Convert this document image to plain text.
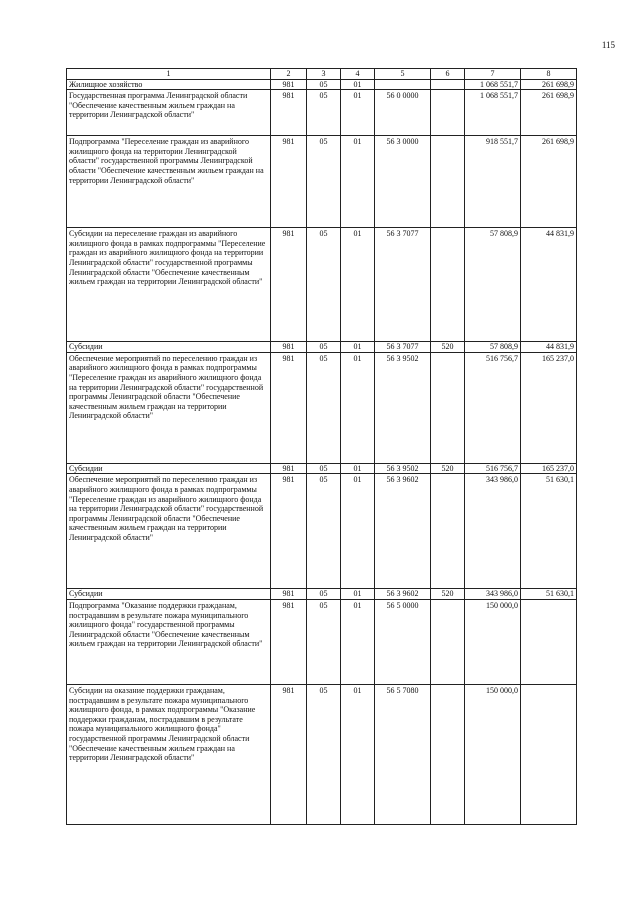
115
1	2	3	4	5	6	7	8
Жилищное хозяйство	981	05	01			1 068 551,7	261 698,9
Государственная программа Ленинградской области "Обеспечение качественным жильем граждан на территории Ленинградской области"	981	05	01	56 0 0000		1 068 551,7	261 698,9
Подпрограмма "Переселение граждан из аварийного жилищного фонда на территории Ленинградской области" государственной программы Ленинградской области "Обеспечение качественным жильем граждан на территории Ленинградской области"	981	05	01	56 3 0000		918 551,7	261 698,9
Субсидии на переселение граждан из аварийного жилищного фонда в рамках подпрограммы "Переселение граждан из аварийного жилищного фонда на территории Ленинградской области" государственной программы Ленинградской области "Обеспечение качественным жильем граждан на территории Ленинградской области"	981	05	01	56 3 7077		57 808,9	44 831,9
Субсидии	981	05	01	56 3 7077	520	57 808,9	44 831,9
Обеспечение мероприятий по переселению граждан из аварийного жилищного фонда в рамках подпрограммы "Переселение граждан из аварийного жилищного фонда на территории Ленинградской области" государственной программы Ленинградской области "Обеспечение качественным жильем граждан на территории Ленинградской области"	981	05	01	56 3 9502		516 756,7	165 237,0
Субсидии	981	05	01	56 3 9502	520	516 756,7	165 237,0
Обеспечение мероприятий по переселению граждан из аварийного жилищного фонда в рамках подпрограммы "Переселение граждан из аварийного жилищного фонда на территории Ленинградской области" государственной программы Ленинградской области "Обеспечение качественным жильем граждан на территории Ленинградской области"	981	05	01	56 3 9602		343 986,0	51 630,1
Субсидии	981	05	01	56 3 9602	520	343 986,0	51 630,1
Подпрограмма "Оказание поддержки гражданам, пострадавшим в результате пожара муниципального жилищного фонда" государственной программы Ленинградской области "Обеспечение качественным жильем граждан на территории Ленинградской области"	981	05	01	56 5 0000		150 000,0	
Субсидии на оказание поддержки гражданам, пострадавшим в результате пожара муниципального жилищного фонда, в рамках подпрограммы "Оказание поддержки гражданам, пострадавшим в результате пожара муниципального жилищного фонда" государственной программы Ленинградской области "Обеспечение качественным жильем граждан на территории Ленинградской области"	981	05	01	56 5 7080		150 000,0	
